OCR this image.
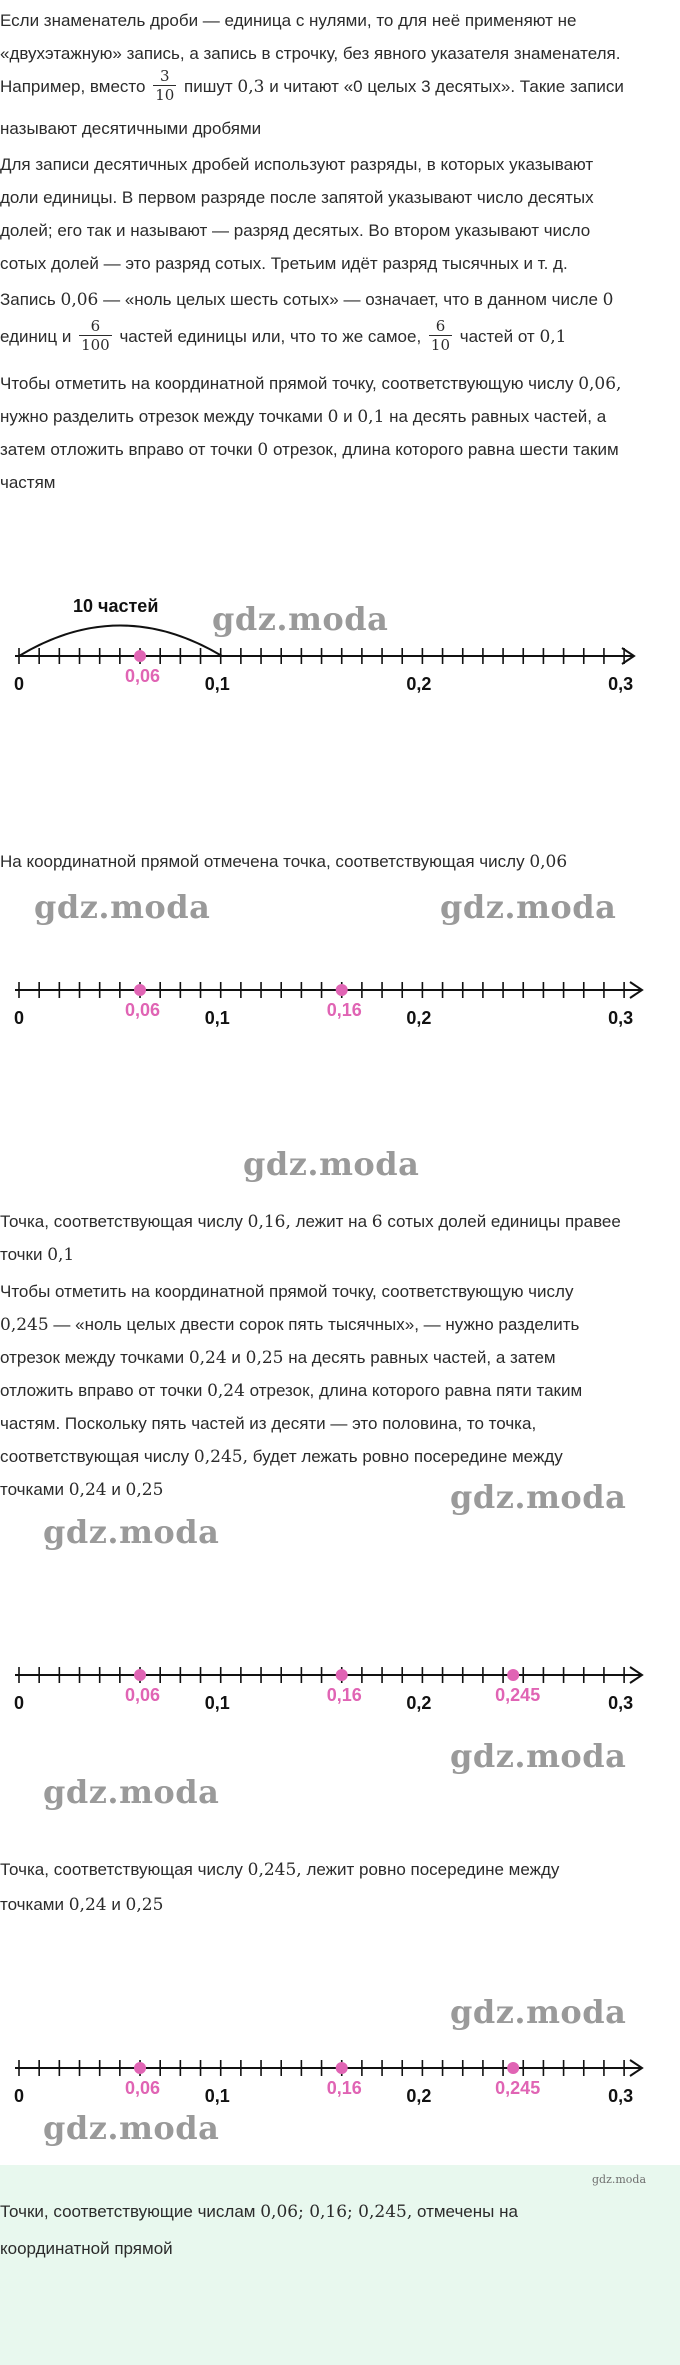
Если знаменатель дроби — единица с нулями, то для неё применяют не

«двухэтажную» запись, а запись в строчку, без явного указателя знаменателя.

Например, вместо $\frac{3}{10}$ пишут 0,3 и читают «0 целых 3 десятых». Такие записи

называют десятичными дробями

Для записи десятичных дробей используют разряды, в которых указывают

доли единицы. В первом разряде после запятой указывают число десятых

долей; его так и называют — разряд десятых. Во втором указывают число

сотых долей — это разряд сотых. Третьим идёт разряд тысячных и т. д.

Запись 0,06 — «ноль целых шесть сотых» — означает, что в данном числе 0

единиц и $\frac{6}{100}$ частей единицы или, что то же самое, $\frac{6}{10}$ частей от 0,1

Чтобы отметить на координатной прямой точку, соответствующую числу 0,06,

нужно разделить отрезок между точками 0 и 0,1 на десять равных частей, а

затем отложить вправо от точки 0 отрезок, длина которого равна шести таким

частям

10 частей
0	0,1	0,2	0,3
0,06
gdz.moda

На координатной прямой отмечена точка, соответствующая числу 0,06

gdz.moda	gdz.moda
0	0,1	0,2	0,3
0,06	0,16
gdz.moda

Точка, соответствующая числу 0,16, лежит на 6 сотых долей единицы правее

точки 0,1

Чтобы отметить на координатной прямой точку, соответствующую числу

0,245 — «ноль целых двести сорок пять тысячных», — нужно разделить

отрезок между точками 0,24 и 0,25 на десять равных частей, а затем

отложить вправо от точки 0,24 отрезок, длина которого равна пяти таким

частям. Поскольку пять частей из десяти — это половина, то точка,

соответствующая числу 0,245, будет лежать ровно посередине между

точками 0,24 и 0,25	gdz.moda
gdz.moda
0	0,1	0,2	0,3
0,06	0,16	0,245
gdz.moda
gdz.moda

Точка, соответствующая числу 0,245, лежит ровно посередине между

точками 0,24 и 0,25

gdz.moda
0	0,1	0,2	0,3
0,06	0,16	0,245
gdz.moda
gdz.moda

Точки, соответствующие числам 0,06; 0,16; 0,245, отмечены на

координатной прямой
